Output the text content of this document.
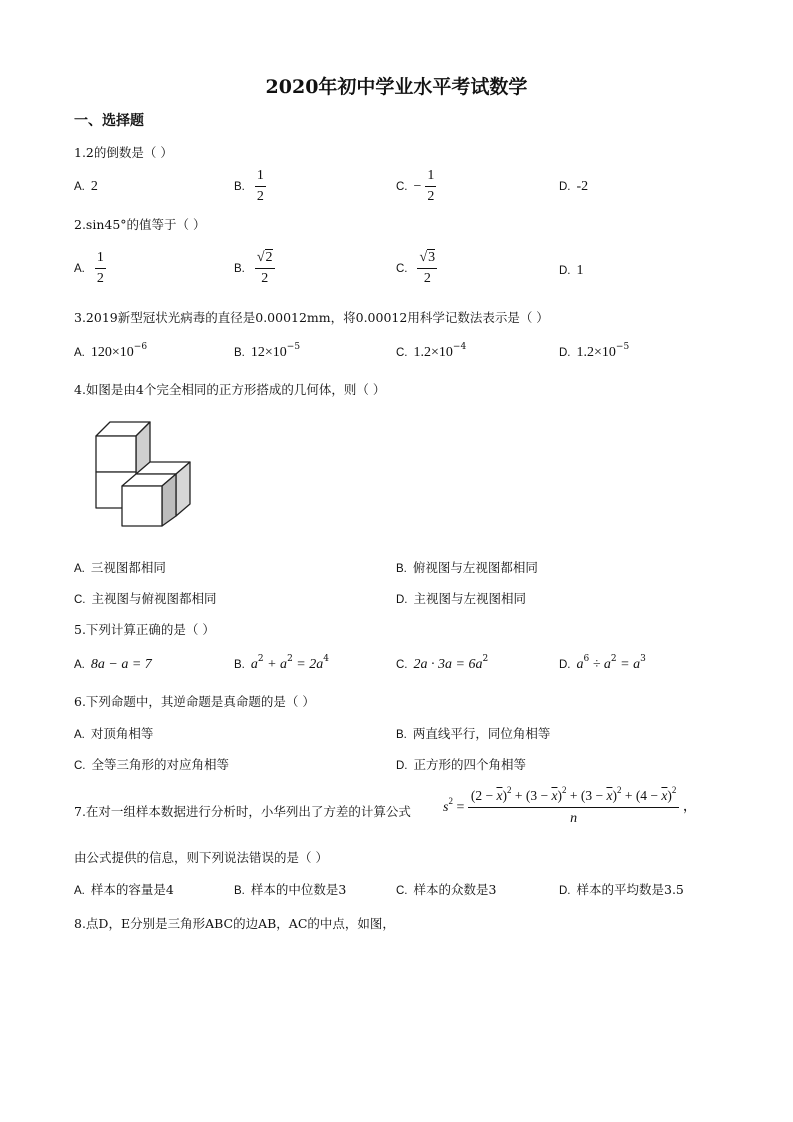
2020年初中学业水平考试数学
一、选择题
1.2的倒数是（ ）
A. 2	B. $\frac{1}{2}$	C. − $\frac{1}{2}$	D. -2
2.sin45°的值等于（ ）
A. $\frac{1}{2}$	B. $\frac{√2}{2}$	C. $\frac{√3}{2}$	D. 1
3.2019新型冠状光病毒的直径是0.00012mm，将0.00012用科学记数法表示是（ ）
A. $120\times 10^{-6}$	B. $12\times 10^{-5}$	C. $1.2\times 10^{-4}$	D. $1.2\times 10^{-5}$
4.如图是由4个完全相同的正方形搭成的几何体，则（ ）
A. 三视图都相同	B. 俯视图与左视图都相同
C. 主视图与俯视图都相同	D. 主视图与左视图相同
5.下列计算正确的是（ ）
A. 8a − a = 7	B. $a^2 + a^2 = 2a^4$	C. $2a \cdot 3a = 6a^2$	D. $a^6 \div a^2 = a^3$
6.下列命题中，其逆命题是真命题的是（ ）
A. 对顶角相等	B. 两直线平行，同位角相等
C. 全等三角形的对应角相等	D. 正方形的四个角相等
7.在对一组样本数据进行分析时，小华列出了方差的计算公式 $s^2 = \frac{(2 - \overline{x})^2 + (3 - \overline{x})^2 + (3 - \overline{x})^2 + (4 - \overline{x})^2}{n}$ ，
由公式提供的信息，则下列说法错误的是（ ）
A. 样本的容量是4	B. 样本的中位数是3	C. 样本的众数是3	D. 样本的平均数是3.5
8.点D，E分别是三角形ABC的边AB，AC的中点，如图，
